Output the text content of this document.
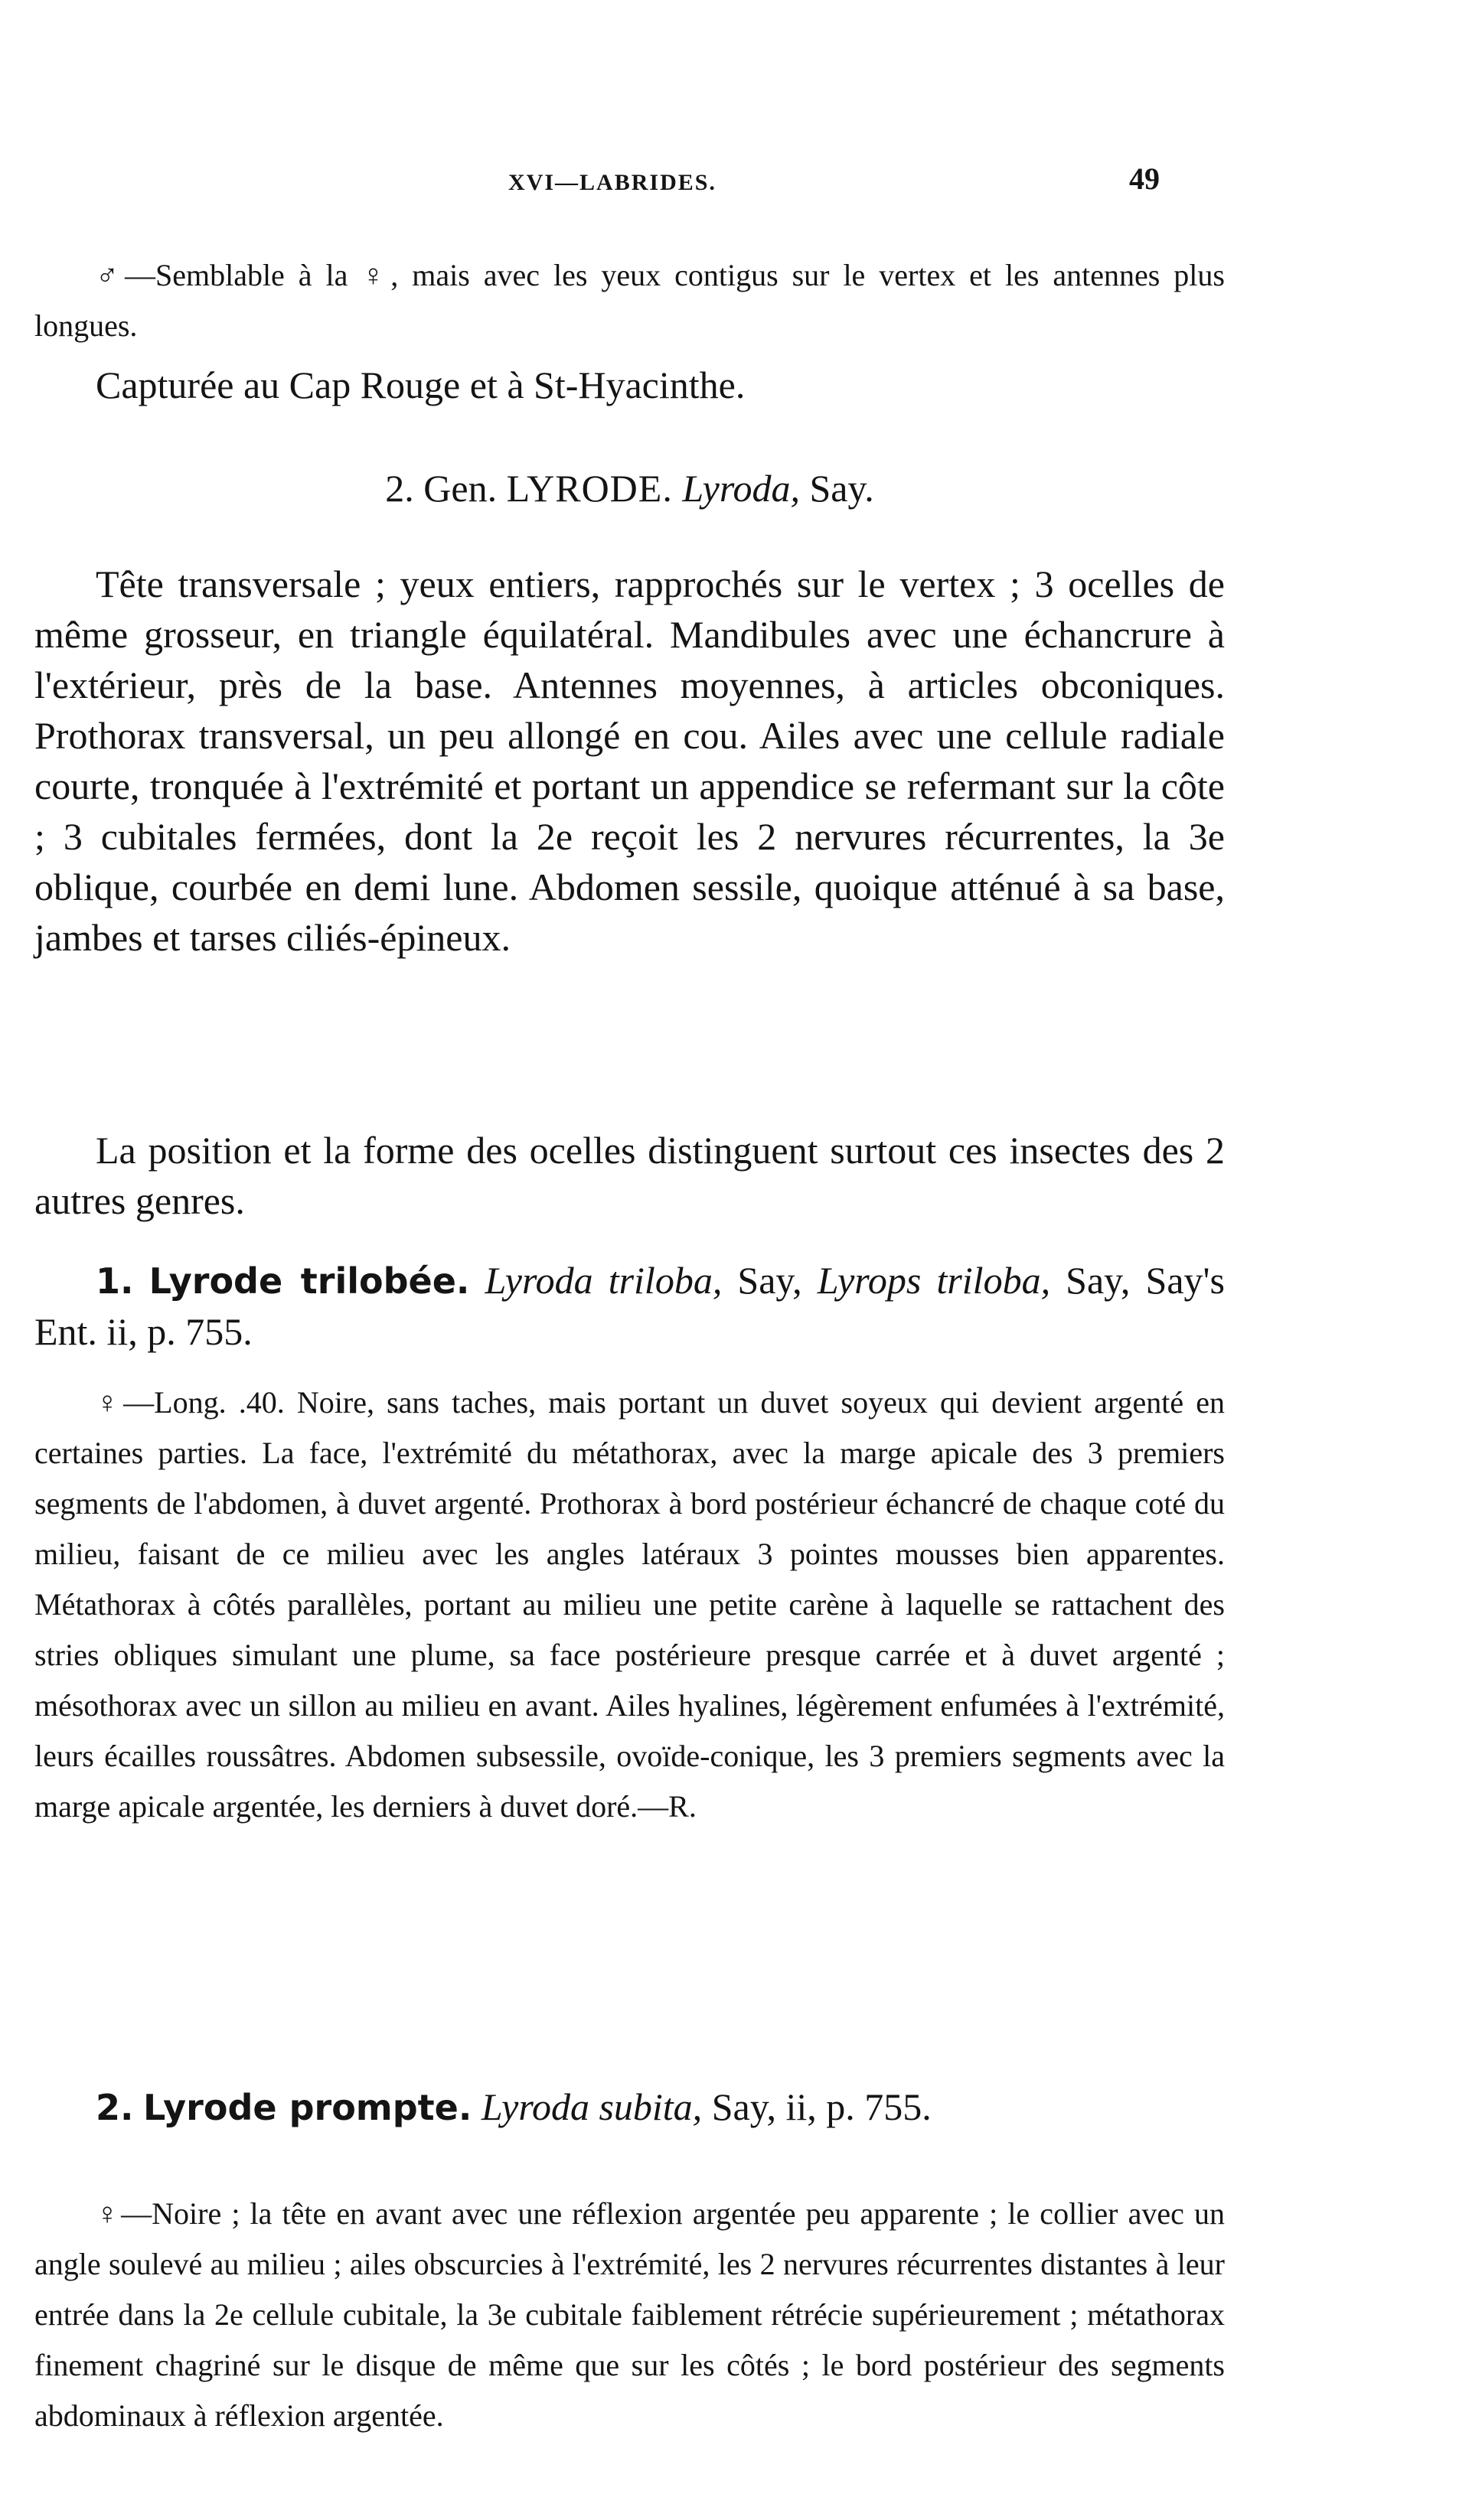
XVI—LABRIDES.	49

♂—Semblable à la ♀, mais avec les yeux contigus sur le vertex et les antennes plus longues.

Capturée au Cap Rouge et à St-Hyacinthe.

2. Gen. LYRODE. Lyroda, Say.

Tête transversale ; yeux entiers, rapprochés sur le vertex ; 3 ocelles de même grosseur, en triangle équilatéral. Mandibules avec une échancrure à l'extérieur, près de la base. Antennes moyennes, à articles obconiques. Prothorax transversal, un peu allongé en cou. Ailes avec une cellule radiale courte, tronquée à l'extrémité et portant un appendice se refermant sur la côte ; 3 cubitales fermées, dont la 2e reçoit les 2 nervures récurrentes, la 3e oblique, courbée en demi lune. Abdomen sessile, quoique atténué à sa base, jambes et tarses ciliés-épineux.

La position et la forme des ocelles distinguent surtout ces insectes des 2 autres genres.

1. Lyrode trilobée. Lyroda triloba, Say, Lyrops triloba, Say, Say's Ent. ii, p. 755.

♀—Long. .40. Noire, sans taches, mais portant un duvet soyeux qui devient argenté en certaines parties. La face, l'extrémité du métathorax, avec la marge apicale des 3 premiers segments de l'abdomen, à duvet argenté. Prothorax à bord postérieur échancré de chaque coté du milieu, faisant de ce milieu avec les angles latéraux 3 pointes mousses bien apparentes. Métathorax à côtés parallèles, portant au milieu une petite carène à laquelle se rattachent des stries obliques simulant une plume, sa face postérieure presque carrée et à duvet argenté ; mésothorax avec un sillon au milieu en avant. Ailes hyalines, légèrement enfumées à l'extrémité, leurs écailles roussâtres. Abdomen subsessile, ovoïde-conique, les 3 premiers segments avec la marge apicale argentée, les derniers à duvet doré.—R.

2. Lyrode prompte. Lyroda subita, Say, ii, p. 755.

♀—Noire ; la tête en avant avec une réflexion argentée peu apparente ; le collier avec un angle soulevé au milieu ; ailes obscurcies à l'extrémité, les 2 nervures récurrentes distantes à leur entrée dans la 2e cellule cubitale, la 3e cubitale faiblement rétrécie supérieurement ; métathorax finement chagriné sur le disque de même que sur les côtés ; le bord postérieur des segments abdominaux à réflexion argentée.
